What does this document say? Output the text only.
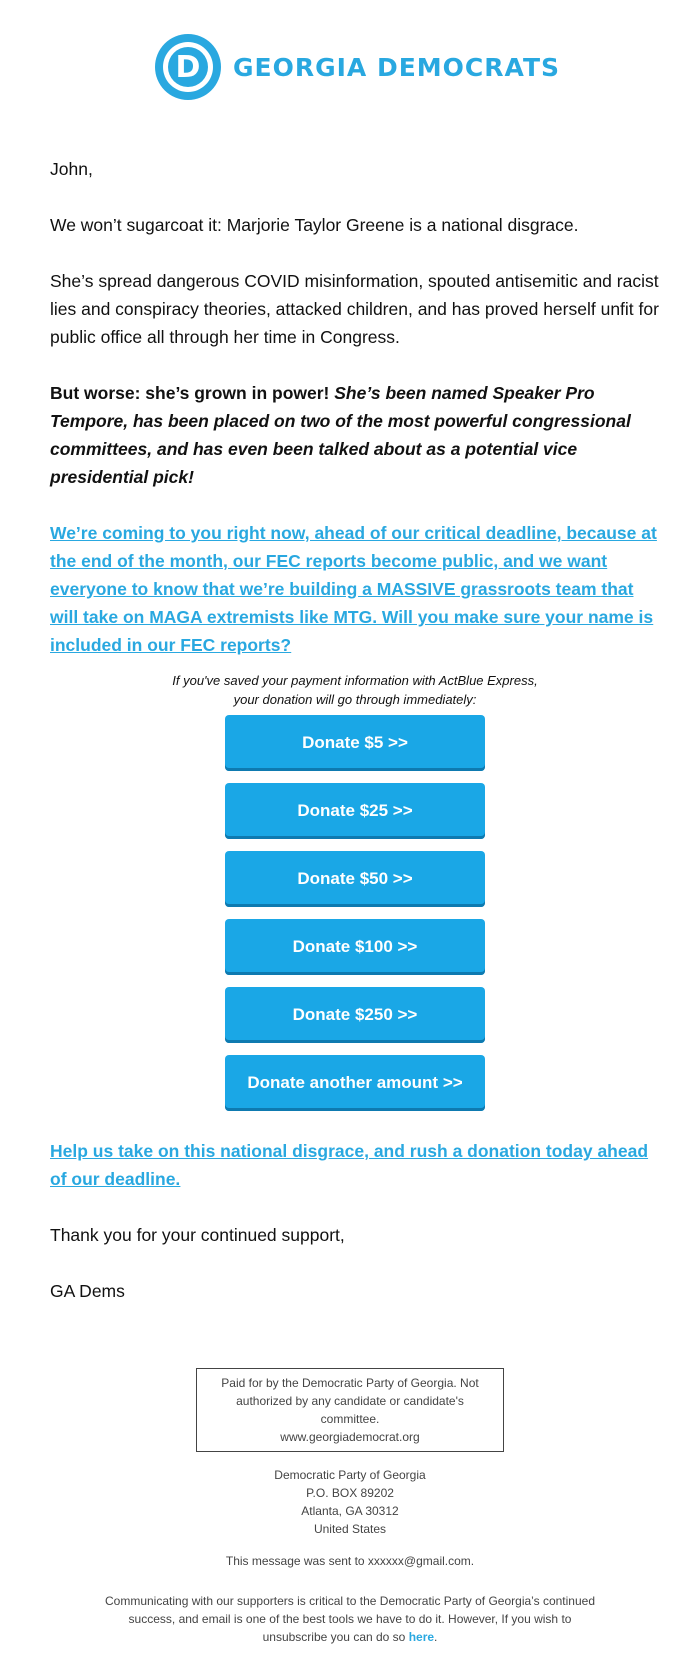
D	GEORGIA DEMOCRATS

John,

We won’t sugarcoat it: Marjorie Taylor Greene is a national disgrace.

She’s spread dangerous COVID misinformation, spouted antisemitic and racist lies and conspiracy theories, attacked children, and has proved herself unfit for public office all through her time in Congress.

But worse: she’s grown in power! She’s been named Speaker Pro Tempore, has been placed on two of the most powerful congressional committees, and has even been talked about as a potential vice presidential pick!

We’re coming to you right now, ahead of our critical deadline, because at the end of the month, our FEC reports become public, and we want everyone to know that we’re building a MASSIVE grassroots team that will take on MAGA extremists like MTG. Will you make sure your name is included in our FEC reports?

If you've saved your payment information with ActBlue Express,
your donation will go through immediately:
Donate $5 >>
Donate $25 >>
Donate $50 >>
Donate $100 >>
Donate $250 >>
Donate another amount >>

Help us take on this national disgrace, and rush a donation today ahead of our deadline.

Thank you for your continued support,

GA Dems

Paid for by the Democratic Party of Georgia. Not authorized by any candidate or candidate's committee.
www.georgiademocrat.org
Democratic Party of Georgia
P.O. BOX 89202
Atlanta, GA 30312
United States
This message was sent to xxxxxx@gmail.com.
Communicating with our supporters is critical to the Democratic Party of Georgia’s continued success, and email is one of the best tools we have to do it. However, If you wish to unsubscribe you can do so here.
